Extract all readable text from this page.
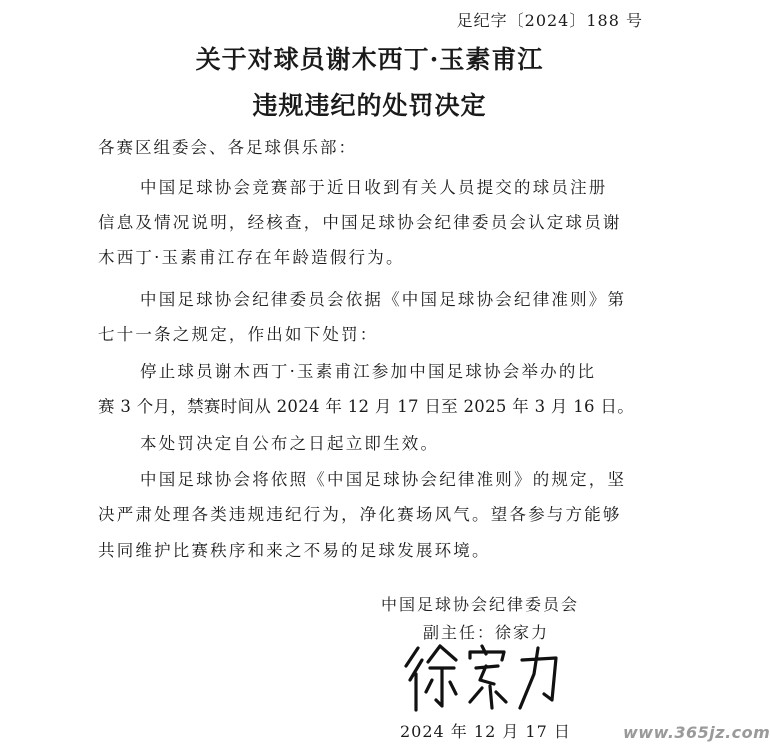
足纪字〔2024〕188 号
关于对球员谢木西丁·玉素甫江
违规违纪的处罚决定
各赛区组委会、各足球俱乐部：
中国足球协会竞赛部于近日收到有关人员提交的球员注册
信息及情况说明，经核查，中国足球协会纪律委员会认定球员谢
木西丁·玉素甫江存在年龄造假行为。
中国足球协会纪律委员会依据《中国足球协会纪律准则》第
七十一条之规定，作出如下处罚：
停止球员谢木西丁·玉素甫江参加中国足球协会举办的比
赛 3 个月，禁赛时间从 2024 年 12 月 17 日至 2025 年 3 月 16 日。
本处罚决定自公布之日起立即生效。
中国足球协会将依照《中国足球协会纪律准则》的规定，坚
决严肃处理各类违规违纪行为，净化赛场风气。望各参与方能够
共同维护比赛秩序和来之不易的足球发展环境。
中国足球协会纪律委员会
副主任：徐家力
2024 年 12 月 17 日	www.365jz.com
